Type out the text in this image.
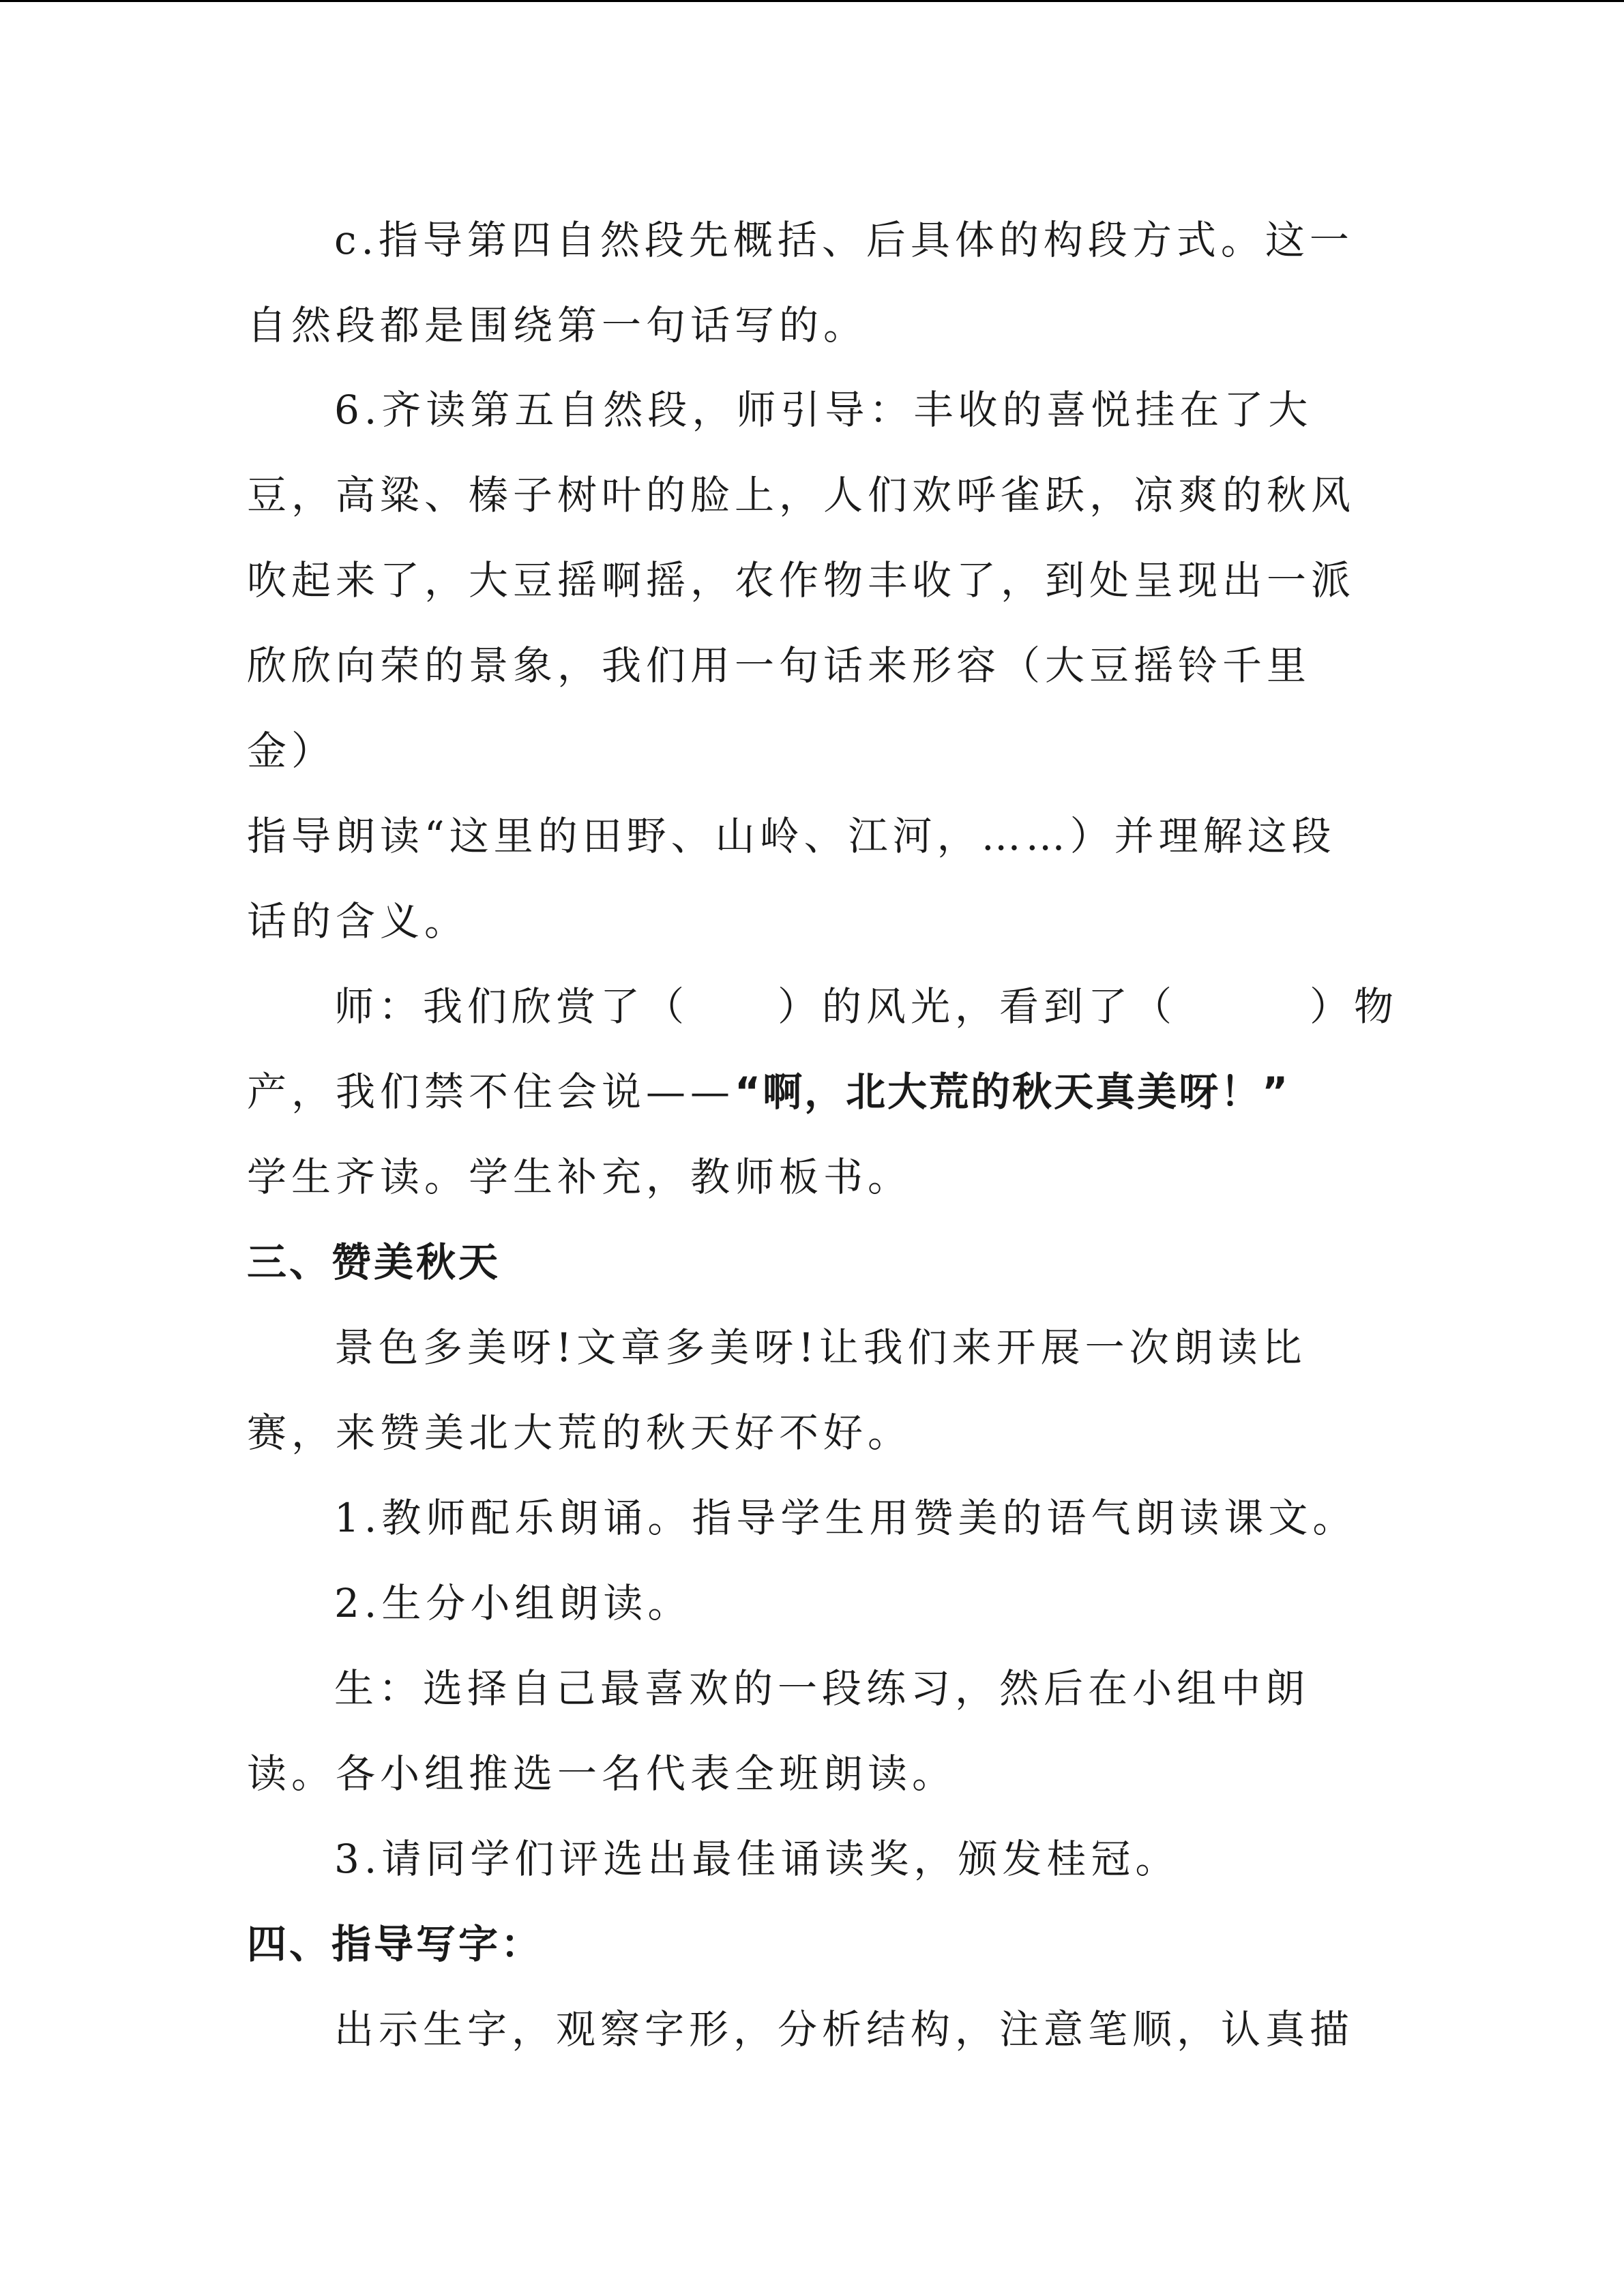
c.指导第四自然段先概括、后具体的构段方式。这一
自然段都是围绕第一句话写的。
6.齐读第五自然段，师引导：丰收的喜悦挂在了大
豆，高粱、榛子树叶的脸上，人们欢呼雀跃，凉爽的秋风
吹起来了，大豆摇啊摇，农作物丰收了，到处呈现出一派
欣欣向荣的景象，我们用一句话来形容（大豆摇铃千里
金）
指导朗读“这里的田野、山岭、江河，……）并理解这段
话的含义。
师：我们欣赏了（　　）的风光，看到了（　　　）物
产，我们禁不住会说——“啊，北大荒的秋天真美呀！”
学生齐读。学生补充，教师板书。
三、赞美秋天
景色多美呀!文章多美呀!让我们来开展一次朗读比
赛，来赞美北大荒的秋天好不好。
1.教师配乐朗诵。指导学生用赞美的语气朗读课文。
2.生分小组朗读。
生：选择自己最喜欢的一段练习，然后在小组中朗
读。各小组推选一名代表全班朗读。
3.请同学们评选出最佳诵读奖，颁发桂冠。
四、指导写字：
出示生字，观察字形，分析结构，注意笔顺，认真描
